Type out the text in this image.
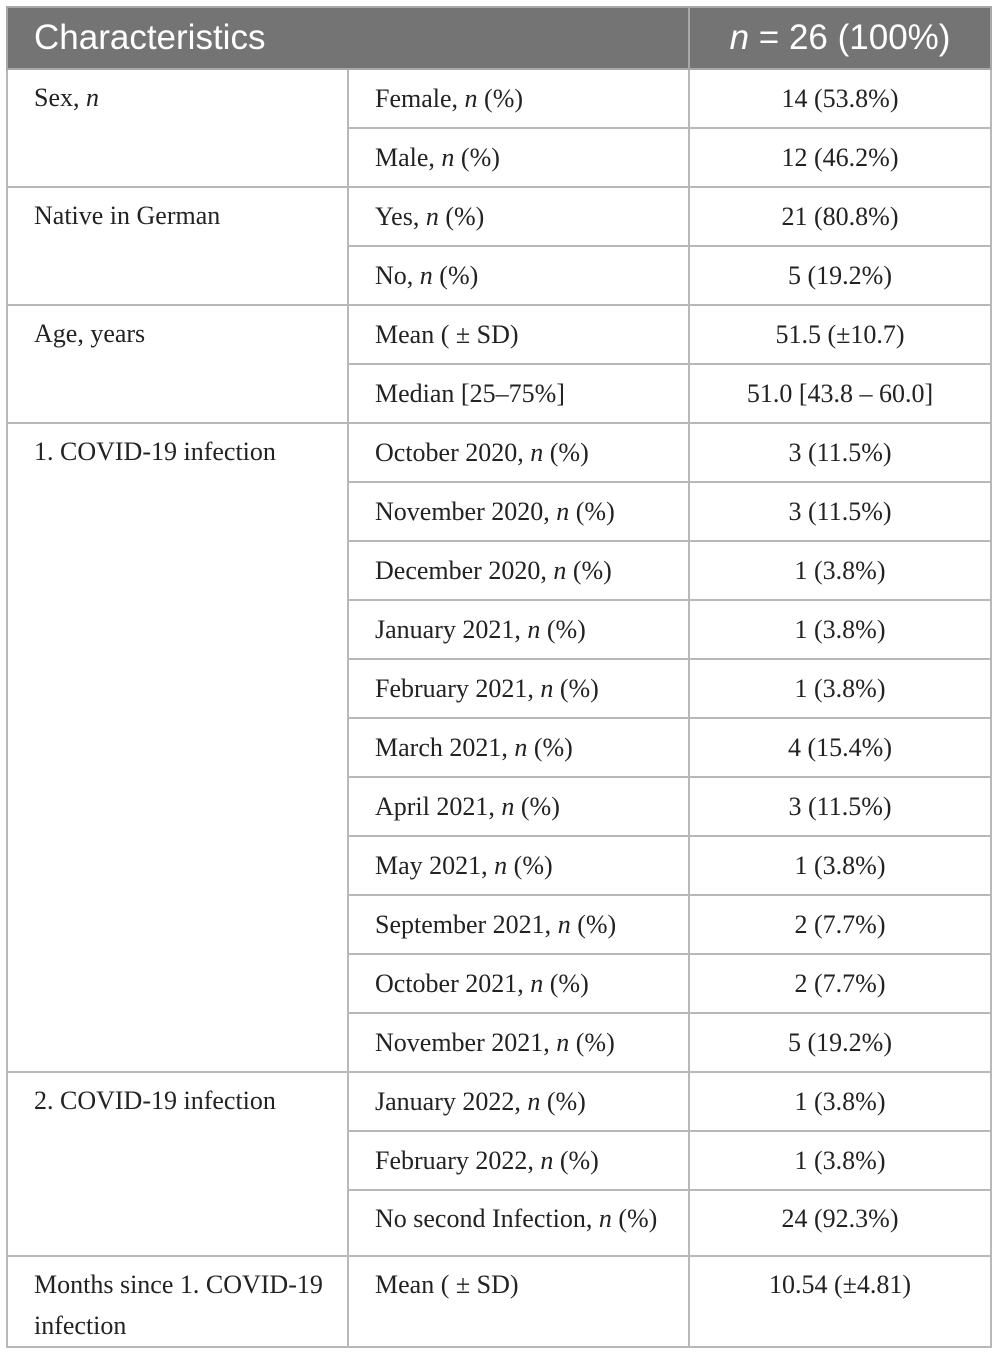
Characteristics		n = 26 (100%)
Sex, n	Female, n (%)	14 (53.8%)
	Male, n (%)	12 (46.2%)
Native in German	Yes, n (%)	21 (80.8%)
	No, n (%)	5 (19.2%)
Age, years	Mean ( ± SD)	51.5 (±10.7)
	Median [25–75%]	51.0 [43.8 – 60.0]
1. COVID-19 infection	October 2020, n (%)	3 (11.5%)
	November 2020, n (%)	3 (11.5%)
	December 2020, n (%)	1 (3.8%)
	January 2021, n (%)	1 (3.8%)
	February 2021, n (%)	1 (3.8%)
	March 2021, n (%)	4 (15.4%)
	April 2021, n (%)	3 (11.5%)
	May 2021, n (%)	1 (3.8%)
	September 2021, n (%)	2 (7.7%)
	October 2021, n (%)	2 (7.7%)
	November 2021, n (%)	5 (19.2%)
2. COVID-19 infection	January 2022, n (%)	1 (3.8%)
	February 2022, n (%)	1 (3.8%)

	No second Infection, n (%)	24 (92.3%)

Months since 1. COVID-19 infection	Mean ( ± SD)	10.54 (±4.81)
